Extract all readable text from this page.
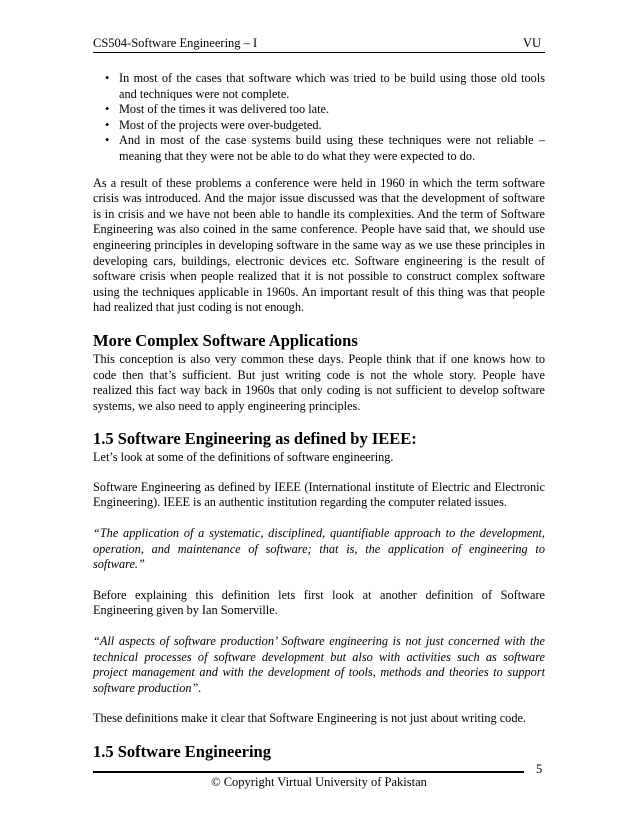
CS504-Software Engineering – I	VU
• In most of the cases that software which was tried to be build using those old tools and techniques were not complete.
• Most of the times it was delivered too late.
• Most of the projects were over-budgeted.
• And in most of the case systems build using these techniques were not reliable – meaning that they were not be able to do what they were expected to do.

As a result of these problems a conference were held in 1960 in which the term software crisis was introduced. And the major issue discussed was that the development of software is in crisis and we have not been able to handle its complexities. And the term of Software Engineering was also coined in the same conference. People have said that, we should use engineering principles in developing software in the same way as we use these principles in developing cars, buildings, electronic devices etc. Software engineering is the result of software crisis when people realized that it is not possible to construct complex software using the techniques applicable in 1960s. An important result of this thing was that people had realized that just coding is not enough.

More Complex Software Applications

This conception is also very common these days. People think that if one knows how to code then that’s sufficient. But just writing code is not the whole story. People have realized this fact way back in 1960s that only coding is not sufficient to develop software systems, we also need to apply engineering principles.

1.5 Software Engineering as defined by IEEE:

Let’s look at some of the definitions of software engineering.

Software Engineering as defined by IEEE (International institute of Electric and Electronic Engineering). IEEE is an authentic institution regarding the computer related issues.

“The application of a systematic, disciplined, quantifiable approach to the development, operation, and maintenance of software; that is, the application of engineering to software.”

Before explaining this definition lets first look at another definition of Software Engineering given by Ian Somerville.

“All aspects of software production’ Software engineering is not just concerned with the technical processes of software development but also with activities such as software project management and with the development of tools, methods and theories to support software production”.

These definitions make it clear that Software Engineering is not just about writing code.

1.5 Software Engineering
5
© Copyright Virtual University of Pakistan
